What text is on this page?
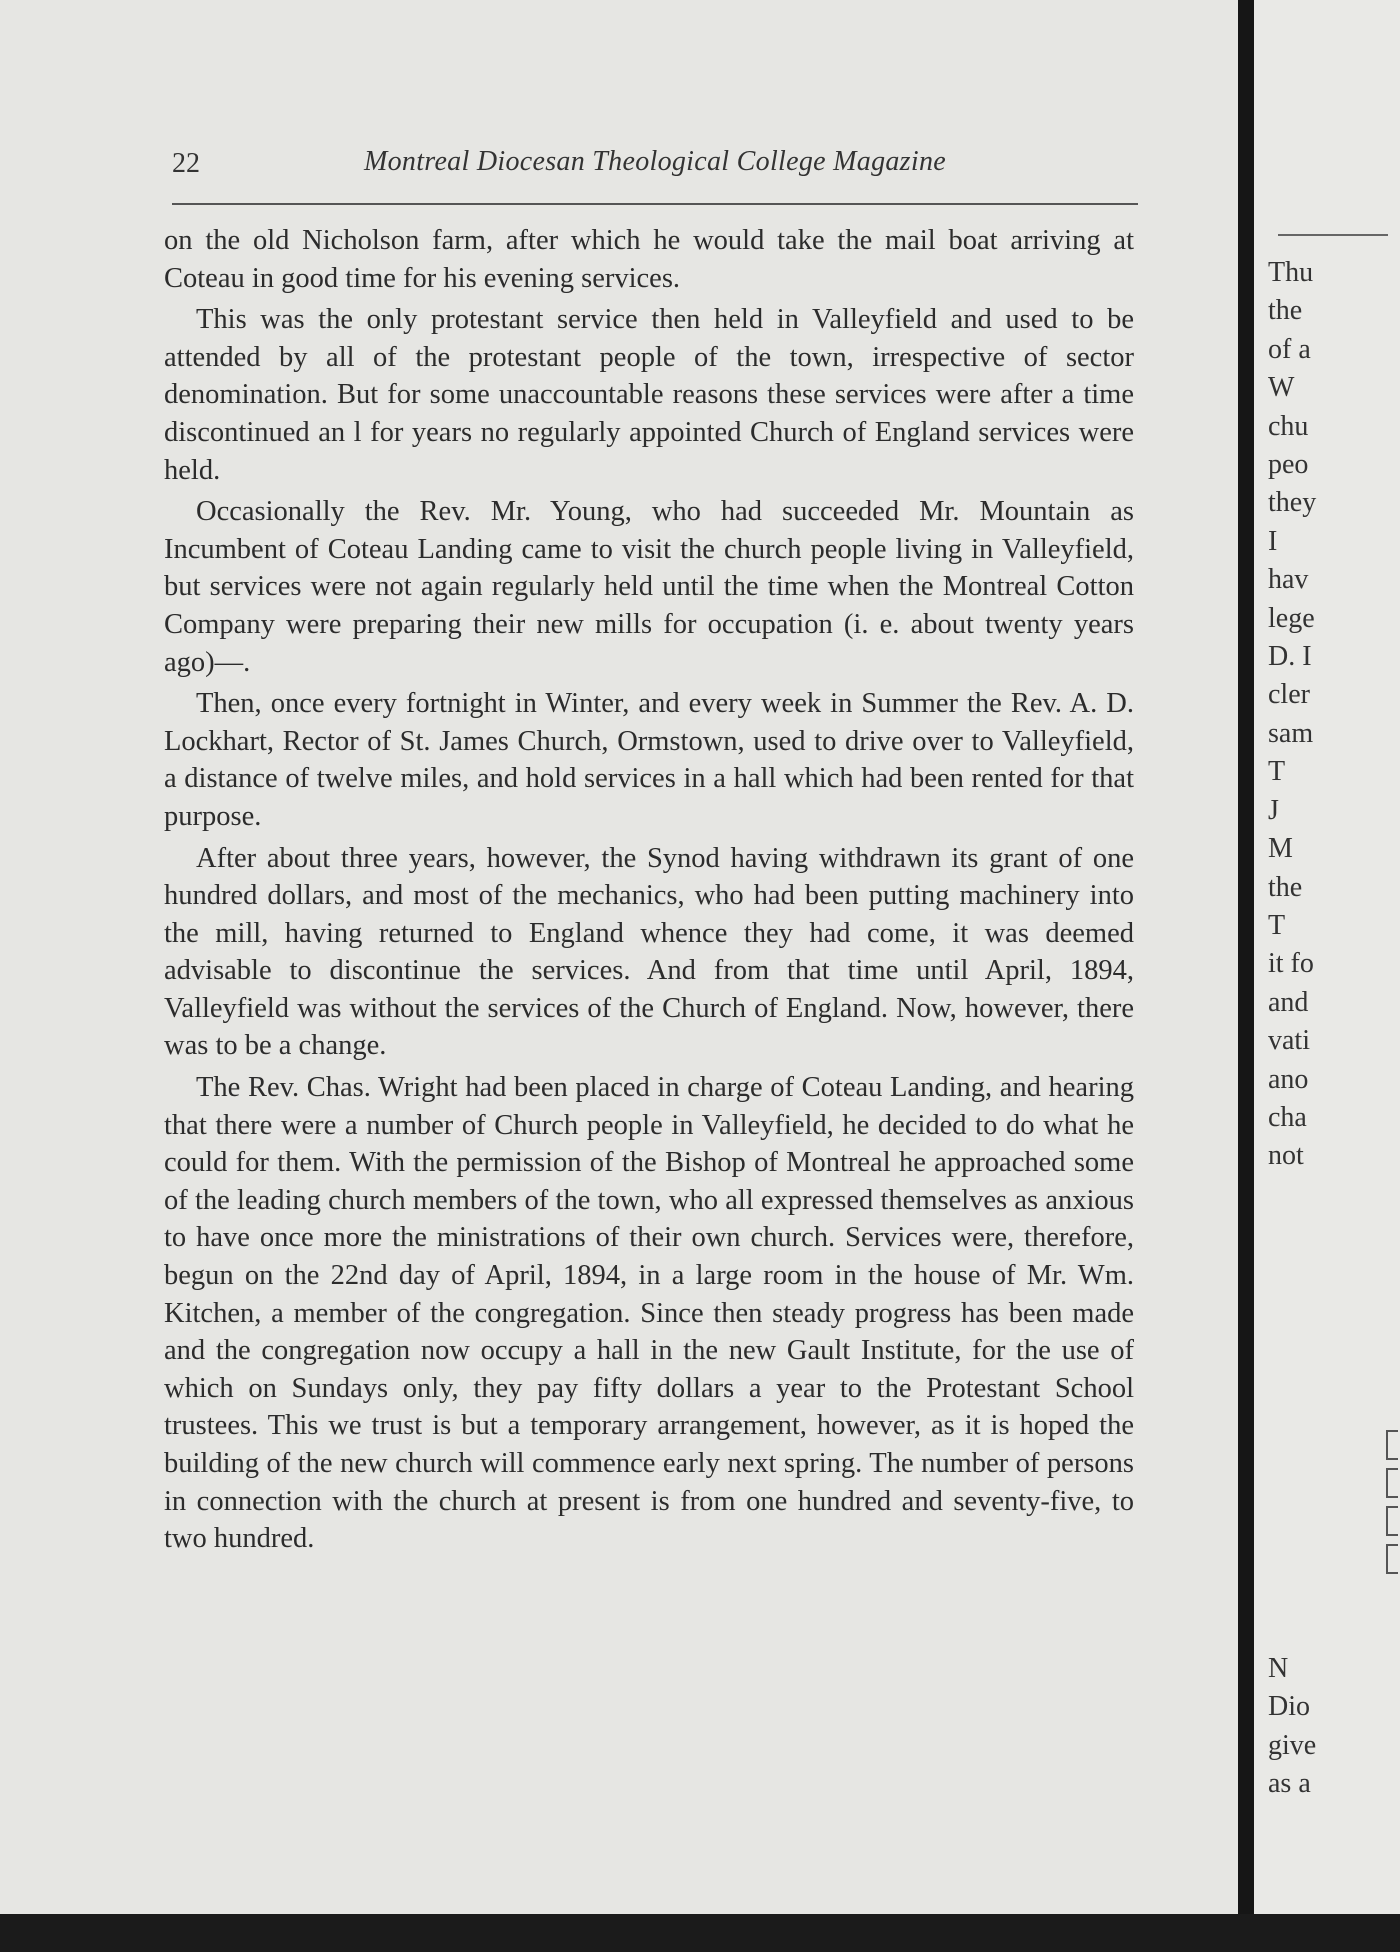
Thu
the
of a
W
chu
peo
they
I
hav
lege
D. I
cler
sam
T
J
M
the
T
it fo
and
vati
ano
cha
not
N
Dio
give
as a
22	Montreal Diocesan Theological College Magazine

on the old Nicholson farm, after which he would take the mail boat arriving at Coteau in good time for his evening services.

This was the only protestant service then held in Valleyfield and used to be attended by all of the protestant people of the town, irrespective of sector denomination. But for some unaccountable reasons these services were after a time discontinued an l for years no regularly appointed Church of England services were held.

Occasionally the Rev. Mr. Young, who had succeeded Mr. Mountain as Incumbent of Coteau Landing came to visit the church people living in Valleyfield, but services were not again regularly held until the time when the Montreal Cotton Company were preparing their new mills for occupation (i. e. about twenty years ago)—.

Then, once every fortnight in Winter, and every week in Summer the Rev. A. D. Lockhart, Rector of St. James Church, Ormstown, used to drive over to Valleyfield, a distance of twelve miles, and hold services in a hall which had been rented for that purpose.

After about three years, however, the Synod having withdrawn its grant of one hundred dollars, and most of the mechanics, who had been putting machinery into the mill, having returned to England whence they had come, it was deemed advisable to discontinue the services. And from that time until April, 1894, Valleyfield was without the services of the Church of England. Now, however, there was to be a change.

The Rev. Chas. Wright had been placed in charge of Coteau Landing, and hearing that there were a number of Church people in Valleyfield, he decided to do what he could for them. With the permission of the Bishop of Montreal he approached some of the leading church members of the town, who all expressed themselves as anxious to have once more the ministrations of their own church. Services were, therefore, begun on the 22nd day of April, 1894, in a large room in the house of Mr. Wm. Kitchen, a member of the congregation. Since then steady progress has been made and the congregation now occupy a hall in the new Gault Institute, for the use of which on Sundays only, they pay fifty dollars a year to the Protestant School trustees. This we trust is but a temporary arrangement, however, as it is hoped the building of the new church will commence early next spring. The number of persons in connection with the church at present is from one hundred and seventy-five, to two hundred.
